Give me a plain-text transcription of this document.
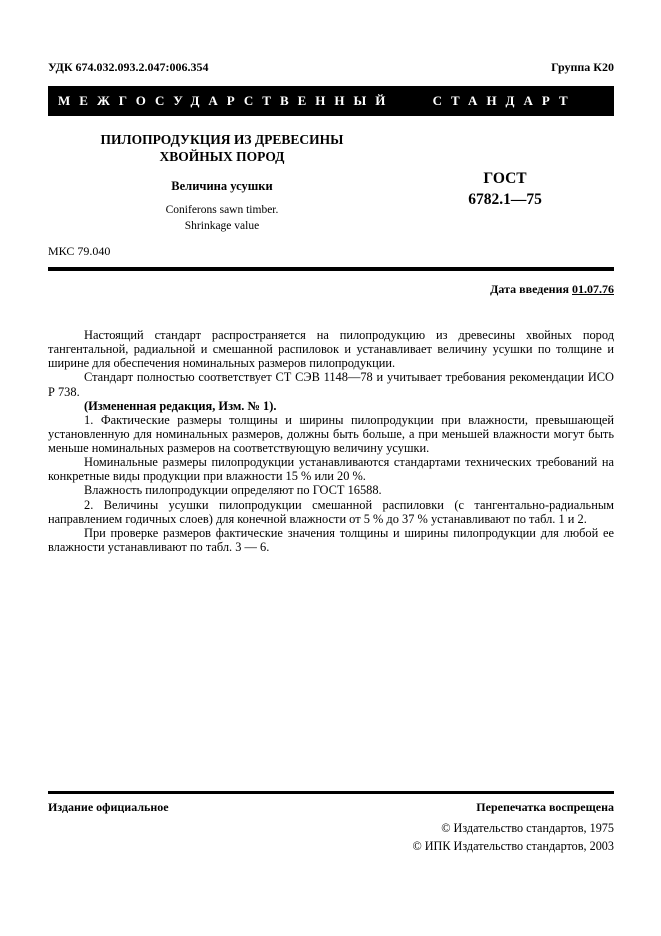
УДК 674.032.093.2.047:006.354	Группа К20
МЕЖГОСУДАРСТВЕННЫЙ СТАНДАРТ
ПИЛОПРОДУКЦИЯ ИЗ ДРЕВЕСИНЫ
ХВОЙНЫХ ПОРОД
Величина усушки
Coniferons sawn timber.
Shrinkage value
ГОСТ
6782.1—75
МКС 79.040
Дата введения 01.07.76

Настоящий стандарт распространяется на пилопродукцию из древесины хвойных пород тангентальной, радиальной и смешанной распиловок и устанавливает величину усушки по толщине и ширине для обеспечения номинальных размеров пилопродукции.

Стандарт полностью соответствует СТ СЭВ 1148—78 и учитывает требования рекомендации ИСО Р 738.

(Измененная редакция, Изм. № 1).

1. Фактические размеры толщины и ширины пилопродукции при влажности, превышающей установленную для номинальных размеров, должны быть больше, а при меньшей влажности могут быть меньше номинальных размеров на соответствующую величину усушки.

Номинальные размеры пилопродукции устанавливаются стандартами технических требований на конкретные виды продукции при влажности 15 % или 20 %.

Влажность пилопродукции определяют по ГОСТ 16588.

2. Величины усушки пилопродукции смешанной распиловки (с тангентально-радиальным направлением годичных слоев) для конечной влажности от 5 % до 37 % устанавливают по табл. 1 и 2.

При проверке размеров фактические значения толщины и ширины пилопродукции для любой ее влажности устанавливают по табл. 3 — 6.

Издание официальное	Перепечатка воспрещена
© Издательство стандартов, 1975
© ИПК Издательство стандартов, 2003
